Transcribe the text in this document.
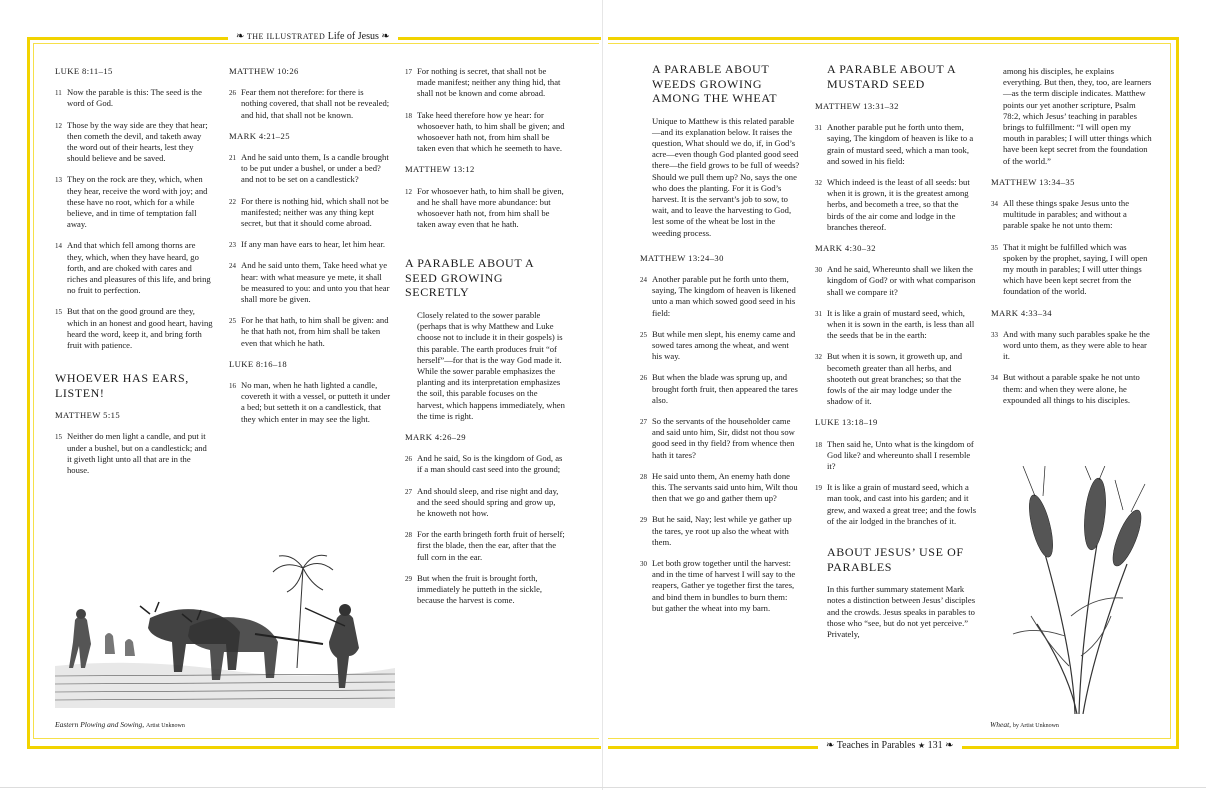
❧ THE ILLUSTRATED Life of Jesus ❧
❧ Teaches in Parables ★ 131 ❧
LUKE 8:11–15
11 Now the parable is this: The seed is the word of God.
12 Those by the way side are they that hear; then cometh the devil, and taketh away the word out of their hearts, lest they should believe and be saved.
13 They on the rock are they, which, when they hear, receive the word with joy; and these have no root, which for a while believe, and in time of temptation fall away.
14 And that which fell among thorns are they, which, when they have heard, go forth, and are choked with cares and riches and pleasures of this life, and bring no fruit to perfection.
15 But that on the good ground are they, which in an honest and good heart, having heard the word, keep it, and bring forth fruit with patience.
WHOEVER HAS EARS, LISTEN!
MATTHEW 5:15
15 Neither do men light a candle, and put it under a bushel, but on a candlestick; and it giveth light unto all that are in the house.
MATTHEW 10:26
26 Fear them not therefore: for there is nothing covered, that shall not be revealed; and hid, that shall not be known.
MARK 4:21–25
21 And he said unto them, Is a candle brought to be put under a bushel, or under a bed? and not to be set on a candlestick?
22 For there is nothing hid, which shall not be manifested; neither was any thing kept secret, but that it should come abroad.
23 If any man have ears to hear, let him hear.
24 And he said unto them, Take heed what ye hear: with what measure ye mete, it shall be measured to you: and unto you that hear shall more be given.
25 For he that hath, to him shall be given: and he that hath not, from him shall be taken even that which he hath.
LUKE 8:16–18
16 No man, when he hath lighted a candle, covereth it with a vessel, or putteth it under a bed; but setteth it on a candlestick, that they which enter in may see the light.
17 For nothing is secret, that shall not be made manifest; neither any thing hid, that shall not be known and come abroad.
18 Take heed therefore how ye hear: for whosoever hath, to him shall be given; and whosoever hath not, from him shall be taken even that which he seemeth to have.
MATTHEW 13:12
12 For whosoever hath, to him shall be given, and he shall have more abundance: but whosoever hath not, from him shall be taken away even that he hath.
A PARABLE ABOUT A SEED GROWING SECRETLY
Closely related to the sower parable (perhaps that is why Matthew and Luke choose not to include it in their gospels) is this parable. The earth produces fruit “of herself”—for that is the way God made it. While the sower parable emphasizes the planting and its interpretation emphasizes the soil, this parable focuses on the harvest, which happens immediately, when the time is right.
MARK 4:26–29
26 And he said, So is the kingdom of God, as if a man should cast seed into the ground;
27 And should sleep, and rise night and day, and the seed should spring and grow up, he knoweth not how.
28 For the earth bringeth forth fruit of herself; first the blade, then the ear, after that the full corn in the ear.
29 But when the fruit is brought forth, immediately he putteth in the sickle, because the harvest is come.
A PARABLE ABOUT WEEDS GROWING AMONG THE WHEAT
Unique to Matthew is this related parable—and its explanation below. It raises the question, What should we do, if, in God’s acre—even though God planted good seed there—the field grows to be full of weeds? Should we pull them up? No, says the one who does the planting. For it is God’s harvest. It is the servant’s job to sow, to wait, and to leave the harvesting to God, lest some of the wheat be lost in the weeding process.
MATTHEW 13:24–30
24 Another parable put he forth unto them, saying, The kingdom of heaven is likened unto a man which sowed good seed in his field:
25 But while men slept, his enemy came and sowed tares among the wheat, and went his way.
26 But when the blade was sprung up, and brought forth fruit, then appeared the tares also.
27 So the servants of the householder came and said unto him, Sir, didst not thou sow good seed in thy field? from whence then hath it tares?
28 He said unto them, An enemy hath done this. The servants said unto him, Wilt thou then that we go and gather them up?
29 But he said, Nay; lest while ye gather up the tares, ye root up also the wheat with them.
30 Let both grow together until the harvest: and in the time of harvest I will say to the reapers, Gather ye together first the tares, and bind them in bundles to burn them: but gather the wheat into my barn.
A PARABLE ABOUT A MUSTARD SEED
MATTHEW 13:31–32
31 Another parable put he forth unto them, saying, The kingdom of heaven is like to a grain of mustard seed, which a man took, and sowed in his field:
32 Which indeed is the least of all seeds: but when it is grown, it is the greatest among herbs, and becometh a tree, so that the birds of the air come and lodge in the branches thereof.
MARK 4:30–32
30 And he said, Whereunto shall we liken the kingdom of God? or with what comparison shall we compare it?
31 It is like a grain of mustard seed, which, when it is sown in the earth, is less than all the seeds that be in the earth:
32 But when it is sown, it groweth up, and becometh greater than all herbs, and shooteth out great branches; so that the fowls of the air may lodge under the shadow of it.
LUKE 13:18–19
18 Then said he, Unto what is the kingdom of God like? and whereunto shall I resemble it?
19 It is like a grain of mustard seed, which a man took, and cast into his garden; and it grew, and waxed a great tree; and the fowls of the air lodged in the branches of it.
ABOUT JESUS’ USE OF PARABLES
In this further summary statement Mark notes a distinction between Jesus’ disciples and the crowds. Jesus speaks in parables to those who “see, but do not yet perceive.” Privately,
among his disciples, he explains everything. But then, they, too, are learners—as the term disciple indicates. Matthew points our yet another scripture, Psalm 78:2, which Jesus’ teaching in parables brings to fulfillment: “I will open my mouth in parables; I will utter things which have been kept secret from the foundation of the world.”
MATTHEW 13:34–35
34 All these things spake Jesus unto the multitude in parables; and without a parable spake he not unto them:
35 That it might be fulfilled which was spoken by the prophet, saying, I will open my mouth in parables; I will utter things which have been kept secret from the foundation of the world.
MARK 4:33–34
33 And with many such parables spake he the word unto them, as they were able to hear it.
34 But without a parable spake he not unto them: and when they were alone, he expounded all things to his disciples.
Eastern Plowing and Sowing, Artist Unknown	Wheat, by Artist Unknown
